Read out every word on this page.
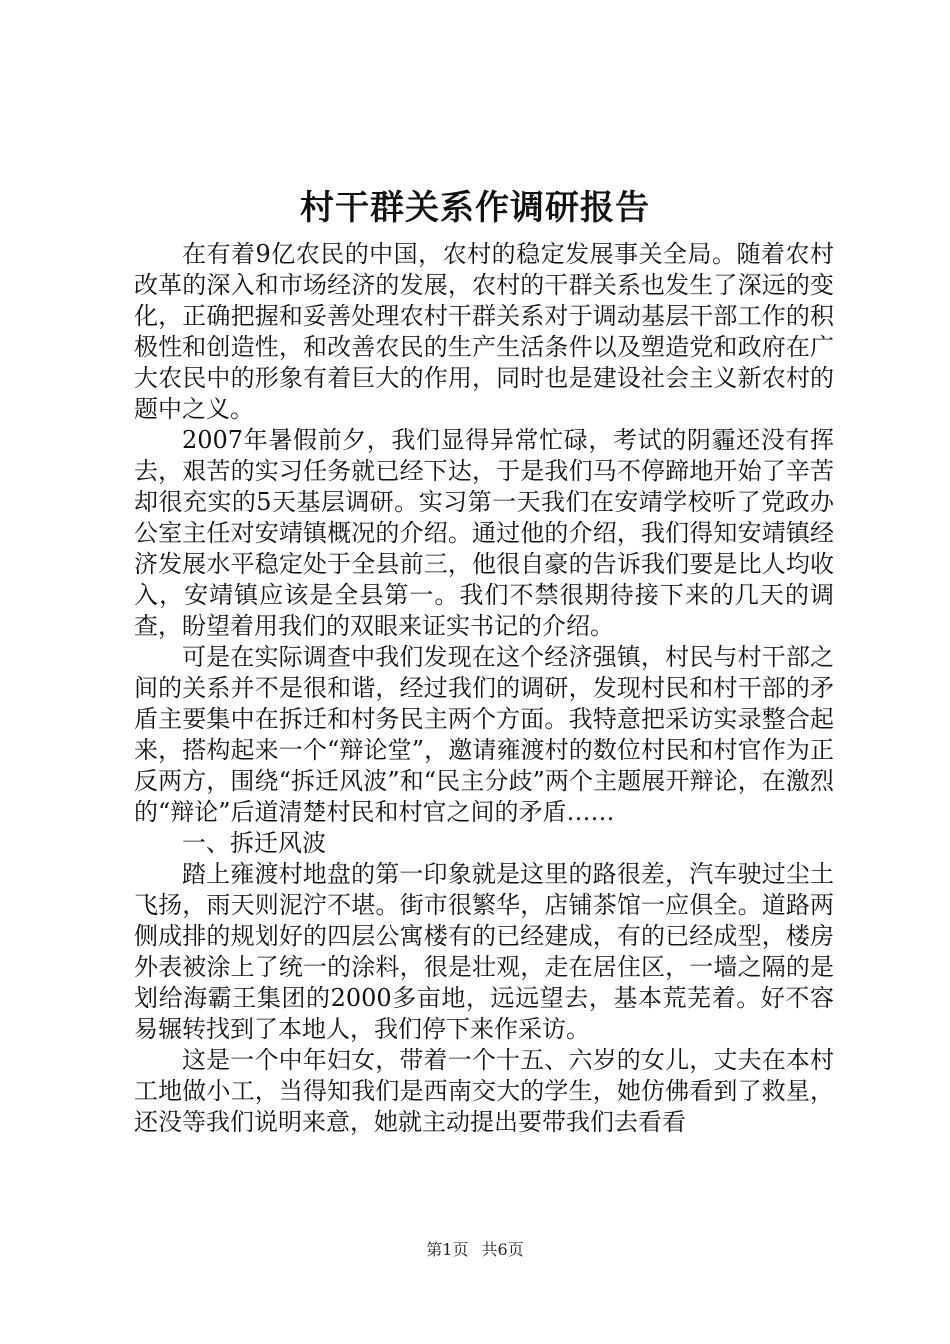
村干群关系作调研报告

在有着9亿农民的中国，农村的稳定发展事关全局。随着农村改革的深入和市场经济的发展，农村的干群关系也发生了深远的变化，正确把握和妥善处理农村干群关系对于调动基层干部工作的积极性和创造性，和改善农民的生产生活条件以及塑造党和政府在广大农民中的形象有着巨大的作用，同时也是建设社会主义新农村的题中之义。

2007年暑假前夕，我们显得异常忙碌，考试的阴霾还没有挥去，艰苦的实习任务就已经下达，于是我们马不停蹄地开始了辛苦却很充实的5天基层调研。实习第一天我们在安靖学校听了党政办公室主任对安靖镇概况的介绍。通过他的介绍，我们得知安靖镇经济发展水平稳定处于全县前三，他很自豪的告诉我们要是比人均收入，安靖镇应该是全县第一。我们不禁很期待接下来的几天的调查，盼望着用我们的双眼来证实书记的介绍。

可是在实际调查中我们发现在这个经济强镇，村民与村干部之间的关系并不是很和谐，经过我们的调研，发现村民和村干部的矛盾主要集中在拆迁和村务民主两个方面。我特意把采访实录整合起来，搭构起来一个“辩论堂”，邀请雍渡村的数位村民和村官作为正反两方，围绕“拆迁风波”和“民主分歧”两个主题展开辩论，在激烈的“辩论”后道清楚村民和村官之间的矛盾……

一、拆迁风波

踏上雍渡村地盘的第一印象就是这里的路很差，汽车驶过尘土飞扬，雨天则泥泞不堪。街市很繁华，店铺茶馆一应俱全。道路两侧成排的规划好的四层公寓楼有的已经建成，有的已经成型，楼房外表被涂上了统一的涂料，很是壮观，走在居住区，一墙之隔的是划给海霸王集团的2000多亩地，远远望去，基本荒芜着。好不容易辗转找到了本地人，我们停下来作采访。

这是一个中年妇女，带着一个十五、六岁的女儿，丈夫在本村工地做小工，当得知我们是西南交大的学生，她仿佛看到了救星，还没等我们说明来意，她就主动提出要带我们去看看

第1页 共6页
